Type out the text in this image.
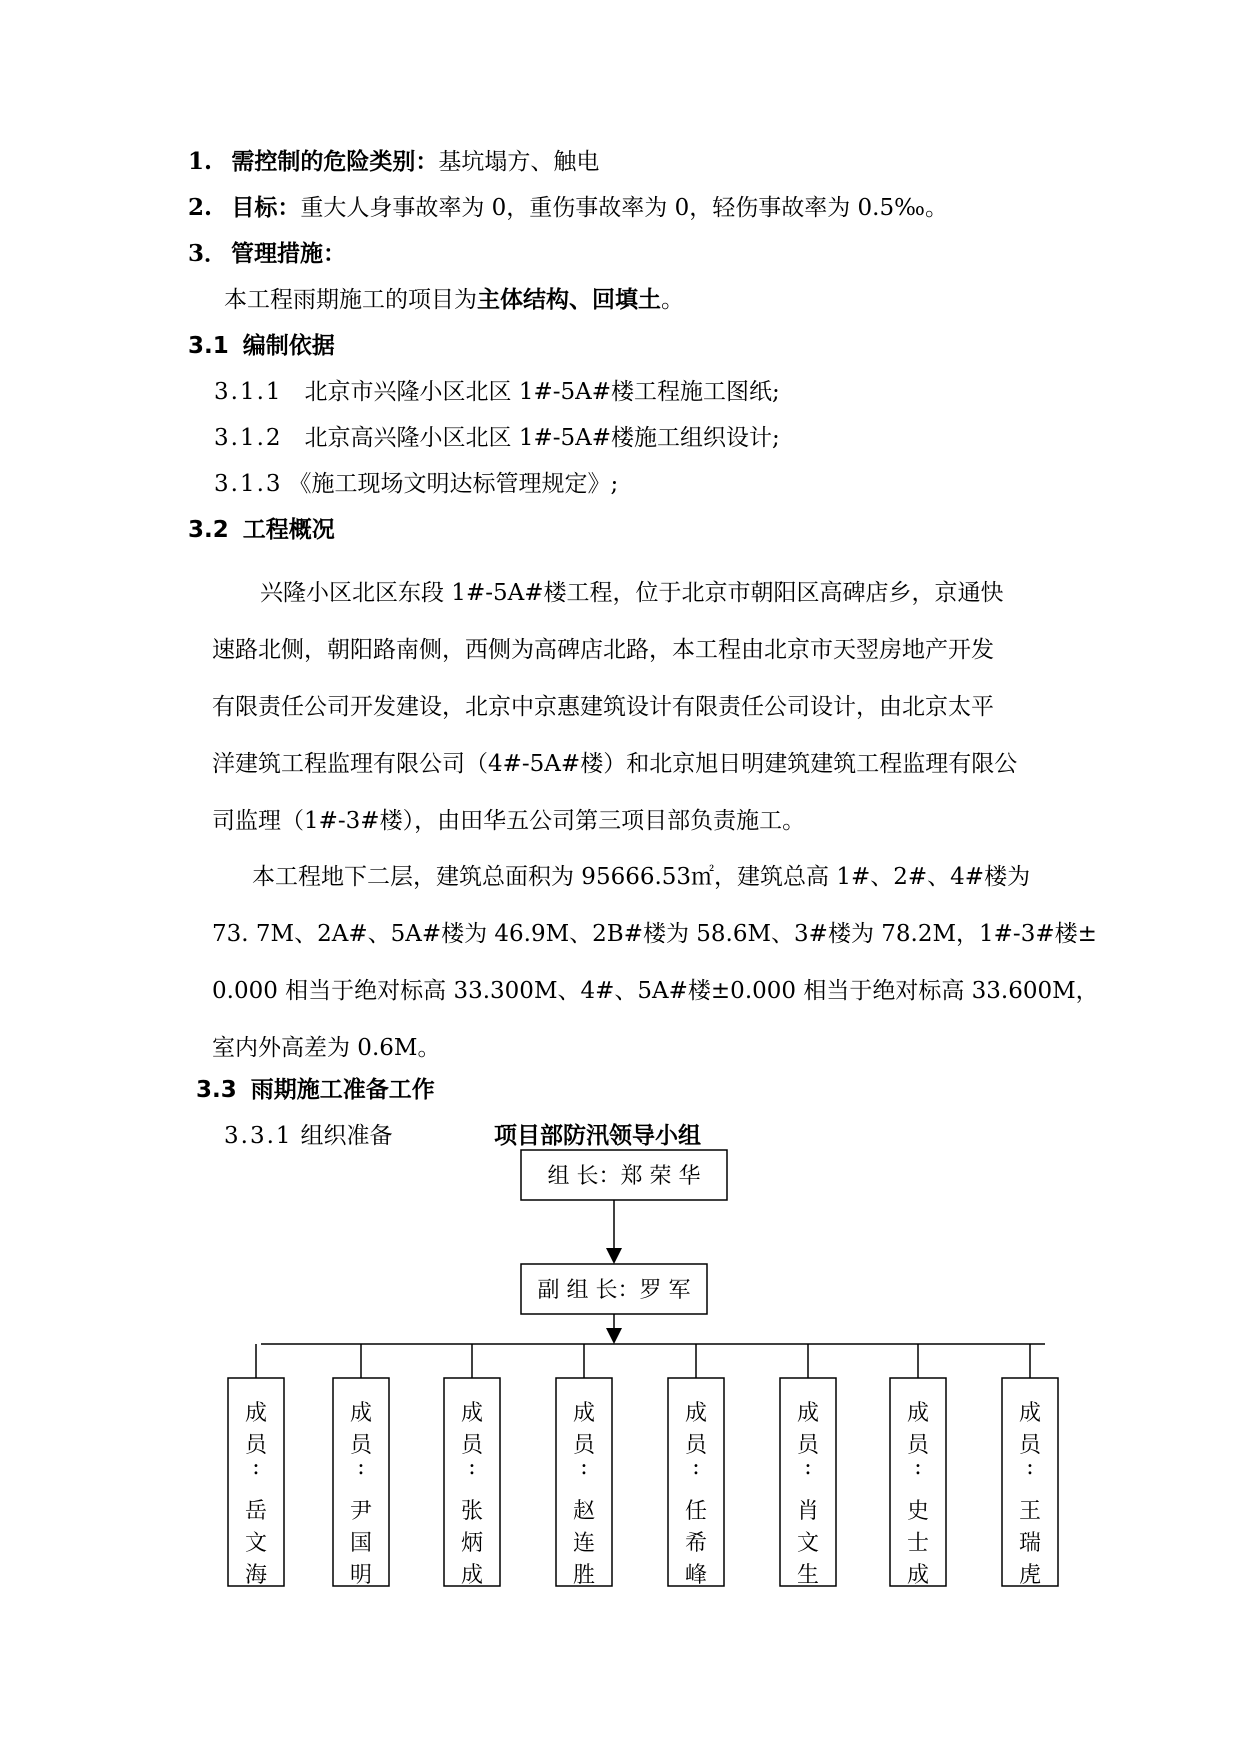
1. 需控制的危险类别：基坑塌方、触电
2. 目标：重大人身事故率为 0，重伤事故率为 0，轻伤事故率为 0.5‰。
3． 管理措施：
本工程雨期施工的项目为主体结构、回填土。
3.1 编制依据
3.1.1 北京市兴隆小区北区 1#-5A#楼工程施工图纸;
3.1.2 北京高兴隆小区北区 1#-5A#楼施工组织设计;
3.1.3 《施工现场文明达标管理规定》;
3.2 工程概况
兴隆小区北区东段 1#-5A#楼工程，位于北京市朝阳区高碑店乡，京通快
速路北侧，朝阳路南侧，西侧为高碑店北路，本工程由北京市天翌房地产开发
有限责任公司开发建设，北京中京惠建筑设计有限责任公司设计，由北京太平
洋建筑工程监理有限公司（4#-5A#楼）和北京旭日明建筑建筑工程监理有限公
司监理（1#-3#楼），由田华五公司第三项目部负责施工。
本工程地下二层，建筑总面积为 95666.53㎡，建筑总高 1#、2#、4#楼为
73. 7M、2A#、5A#楼为 46.9M、2B#楼为 58.6M、3#楼为 78.2M，1#-3#楼±
0.000 相当于绝对标高 33.300M、4#、5A#楼±0.000 相当于绝对标高 33.600M，
室内外高差为 0.6M。
3.3 雨期施工准备工作
3.3.1 组织准备	项目部防汛领导小组
组 长：郑 荣 华
副 组 长：罗 军
成
员
:
岳
文
海
成
员
:
尹
国
明
成
员
:
张
炳
成
成
员
:
赵
连
胜
成
员
:
任
希
峰
成
员
:
肖
文
生
成
员
:
史
士
成
成
员
:
王
瑞
虎
